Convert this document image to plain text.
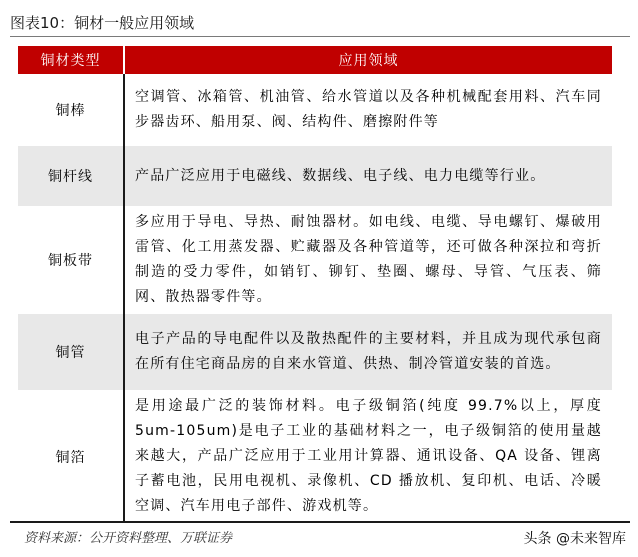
图表10：铜材一般应用领域
铜材类型	应用领域
铜棒	空调管、冰箱管、机油管、给水管道以及各种机械配套用料、汽车同步器齿环、船用泵、阀、结构件、磨擦附件等
铜杆线	产品广泛应用于电磁线、数据线、电子线、电力电缆等行业。
铜板带	多应用于导电、导热、耐蚀器材。如电线、电缆、导电螺钉、爆破用雷管、化工用蒸发器、贮藏器及各种管道等，还可做各种深拉和弯折制造的受力零件，如销钉、铆钉、垫圈、螺母、导管、气压表、筛网、散热器零件等。
铜管	电子产品的导电配件以及散热配件的主要材料，并且成为现代承包商在所有住宅商品房的自来水管道、供热、制冷管道安装的首选。
铜箔	是用途最广泛的装饰材料。电子级铜箔(纯度 99.7%以上，厚度 5um-105um)是电子工业的基础材料之一，电子级铜箔的使用量越来越大，产品广泛应用于工业用计算器、通讯设备、QA 设备、锂离子蓄电池，民用电视机、录像机、CD 播放机、复印机、电话、冷暖空调、汽车用电子部件、游戏机等。
资料来源：公开资料整理、万联证券	头条 @未来智库
